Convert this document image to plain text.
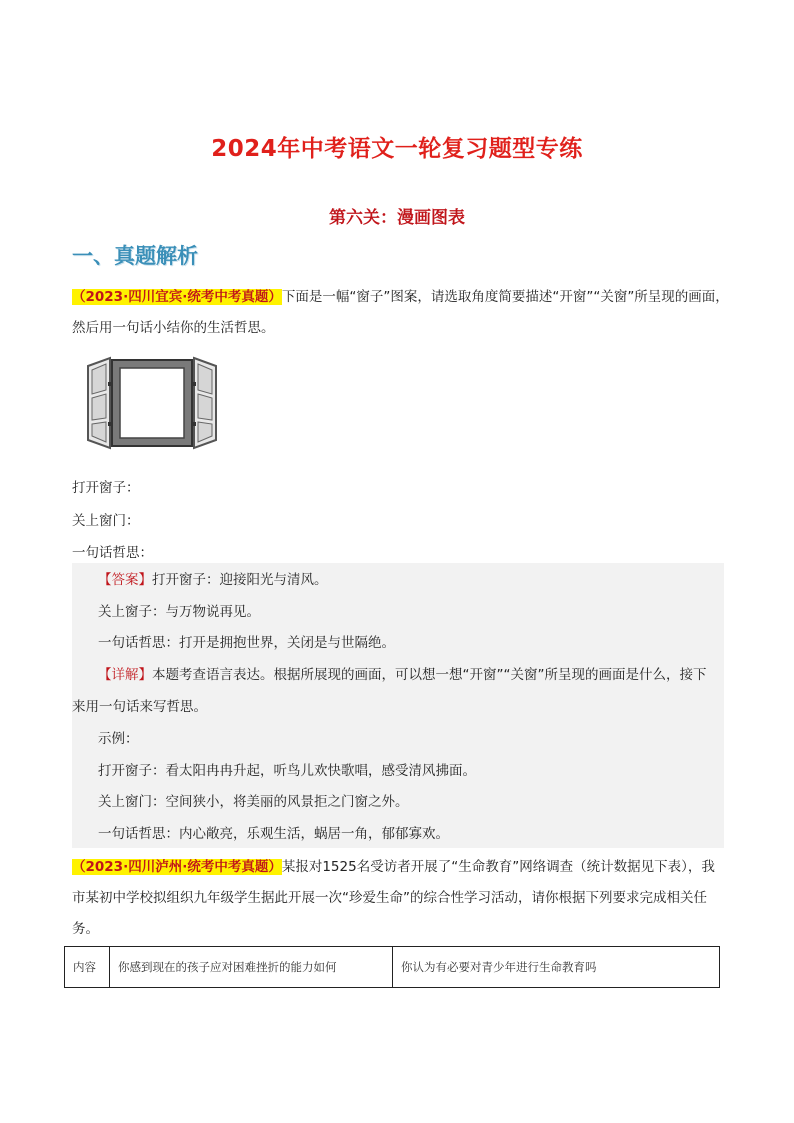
2024年中考语文一轮复习题型专练
第六关：漫画图表
一、真题解析
（2023·四川宜宾·统考中考真题）下面是一幅“窗子”图案，请选取角度简要描述“开窗”“关窗”所呈现的画面，
然后用一句话小结你的生活哲思。
打开窗子：
关上窗门：
一句话哲思：
【答案】打开窗子：迎接阳光与清风。
关上窗子：与万物说再见。
一句话哲思：打开是拥抱世界，关闭是与世隔绝。
【详解】本题考查语言表达。根据所展现的画面，可以想一想“开窗”“关窗”所呈现的画面是什么，接下
来用一句话来写哲思。
示例：
打开窗子：看太阳冉冉升起，听鸟儿欢快歌唱，感受清风拂面。
关上窗门：空间狭小，将美丽的风景拒之门窗之外。
一句话哲思：内心敞亮，乐观生活，蜗居一角，郁郁寡欢。
（2023·四川泸州·统考中考真题）某报对1525名受访者开展了“生命教育”网络调查（统计数据见下表），我
市某初中学校拟组织九年级学生据此开展一次“珍爱生命”的综合性学习活动，请你根据下列要求完成相关任
务。
内容	你感到现在的孩子应对困难挫折的能力如何	你认为有必要对青少年进行生命教育吗
